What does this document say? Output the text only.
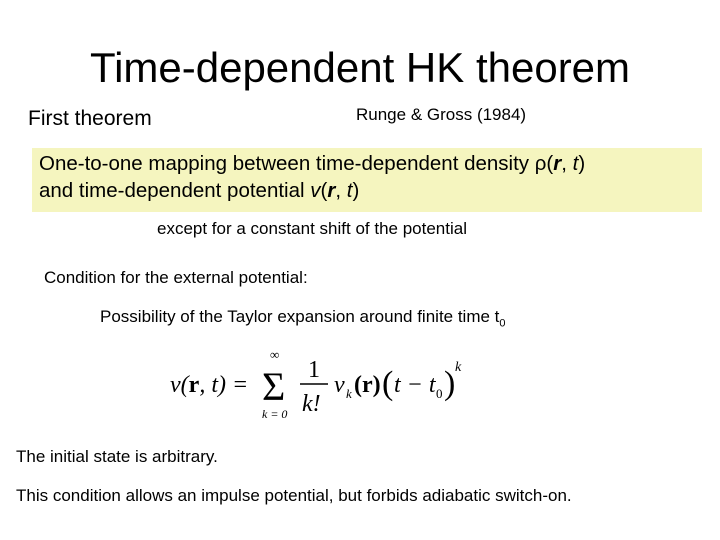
Time-dependent HK theorem
First theorem	Runge & Gross (1984)
One-to-one mapping between time-dependent density ρ(r, t)
and time-dependent potential v(r, t)
except for a constant shift of the potential
Condition for the external potential:
Possibility of the Taylor expansion around finite time $t_0$
v(r, t) =
∞
Σ
k = 0
1
k!
v k (r) ( t − t 0 ) k
The initial state is arbitrary.
This condition allows an impulse potential, but forbids adiabatic switch-on.
